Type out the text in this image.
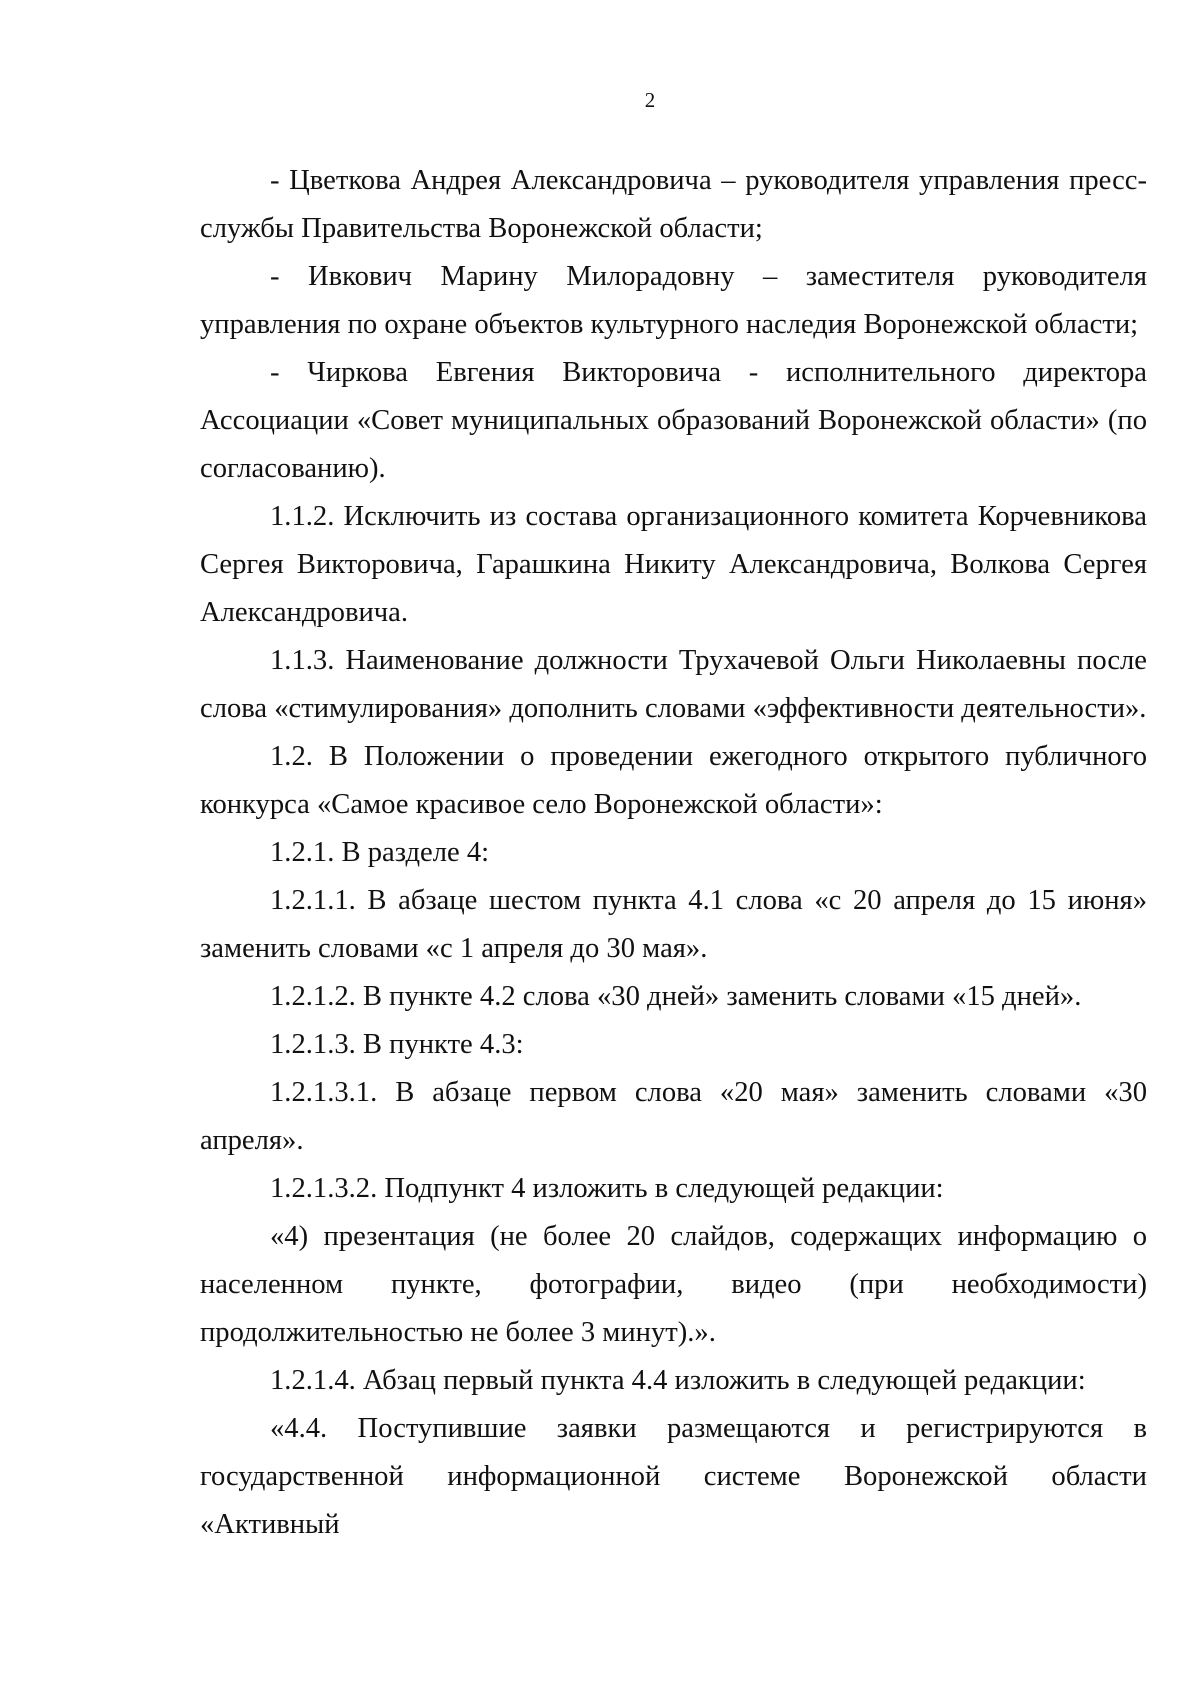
2

- Цветкова Андрея Александровича – руководителя управления пресс-службы Правительства Воронежской области;

- Ивкович Марину Милорадовну – заместителя руководителя управления по охране объектов культурного наследия Воронежской области;

- Чиркова Евгения Викторовича - исполнительного директора Ассоциации «Совет муниципальных образований Воронежской области» (по согласованию).

1.1.2. Исключить из состава организационного комитета Корчевникова Сергея Викторовича, Гарашкина Никиту Александровича, Волкова Сергея Александровича.

1.1.3. Наименование должности Трухачевой Ольги Николаевны после слова «стимулирования» дополнить словами «эффективности деятельности».

1.2. В Положении о проведении ежегодного открытого публичного конкурса «Самое красивое село Воронежской области»:

1.2.1. В разделе 4:

1.2.1.1. В абзаце шестом пункта 4.1 слова «с 20 апреля до 15 июня» заменить словами «с 1 апреля до 30 мая».

1.2.1.2. В пункте 4.2 слова «30 дней» заменить словами «15 дней».

1.2.1.3. В пункте 4.3:

1.2.1.3.1. В абзаце первом слова «20 мая» заменить словами «30 апреля».

1.2.1.3.2. Подпункт 4 изложить в следующей редакции:

«4) презентация (не более 20 слайдов, содержащих информацию о населенном пункте, фотографии, видео (при необходимости) продолжительностью не более 3 минут).».

1.2.1.4. Абзац первый пункта 4.4 изложить в следующей редакции:

«4.4. Поступившие заявки размещаются и регистрируются в государственной информационной системе Воронежской области «Активный
